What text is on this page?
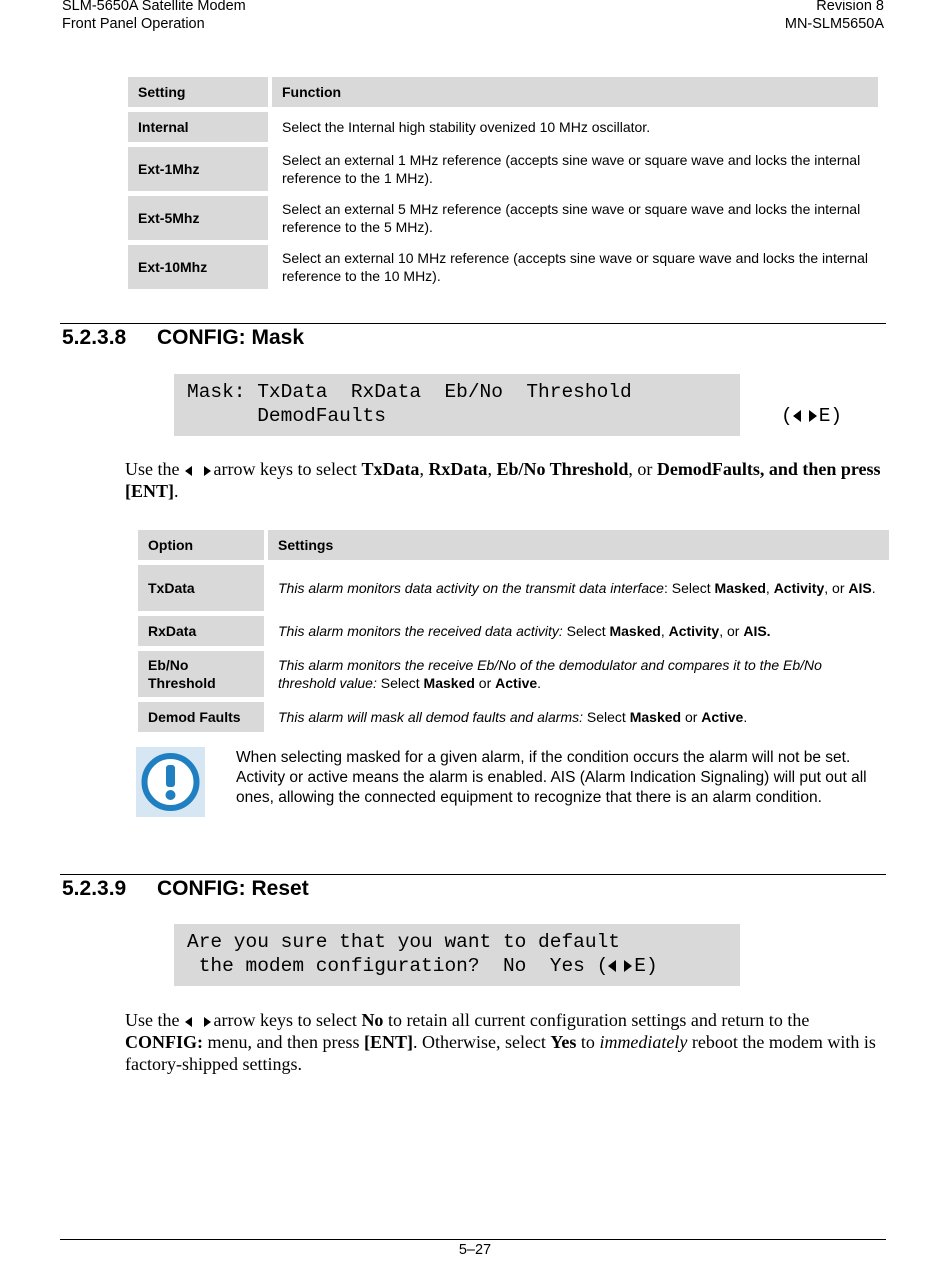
SLM-5650A Satellite Modem
Front Panel Operation
Revision 8
MN-SLM5650A
Setting	Function
Internal	Select the Internal high stability ovenized 10 MHz oscillator.
Ext-1Mhz	Select an external 1 MHz reference (accepts sine wave or square wave and locks the internal reference to the 1 MHz).
Ext-5Mhz	Select an external 5 MHz reference (accepts sine wave or square wave and locks the internal reference to the 5 MHz).
Ext-10Mhz	Select an external 10 MHz reference (accepts sine wave or square wave and locks the internal reference to the 10 MHz).
5.2.3.8 CONFIG: Mask
Mask: TxData  RxData  Eb/No  Threshold
DemodFaults	( E)
Use the arrow keys to select TxData, RxData, Eb/No Threshold, or DemodFaults, and then press [ENT].
Option	Settings
TxData	This alarm monitors data activity on the transmit data interface: Select Masked, Activity, or AIS.
RxData	This alarm monitors the received data activity: Select Masked, Activity, or AIS.
Eb/No Threshold	This alarm monitors the receive Eb/No of the demodulator and compares it to the Eb/No threshold value: Select Masked or Active.
Demod Faults	This alarm will mask all demod faults and alarms: Select Masked or Active.
When selecting masked for a given alarm, if the condition occurs the alarm will not be set. Activity or active means the alarm is enabled. AIS (Alarm Indication Signaling) will put out all ones, allowing the connected equipment to recognize that there is an alarm condition.
5.2.3.9 CONFIG: Reset
Are you sure that you want to default
the modem configuration?  No  Yes ( E)
Use the arrow keys to select No to retain all current configuration settings and return to the CONFIG: menu, and then press [ENT]. Otherwise, select Yes to immediately reboot the modem with is factory-shipped settings.
5–27
